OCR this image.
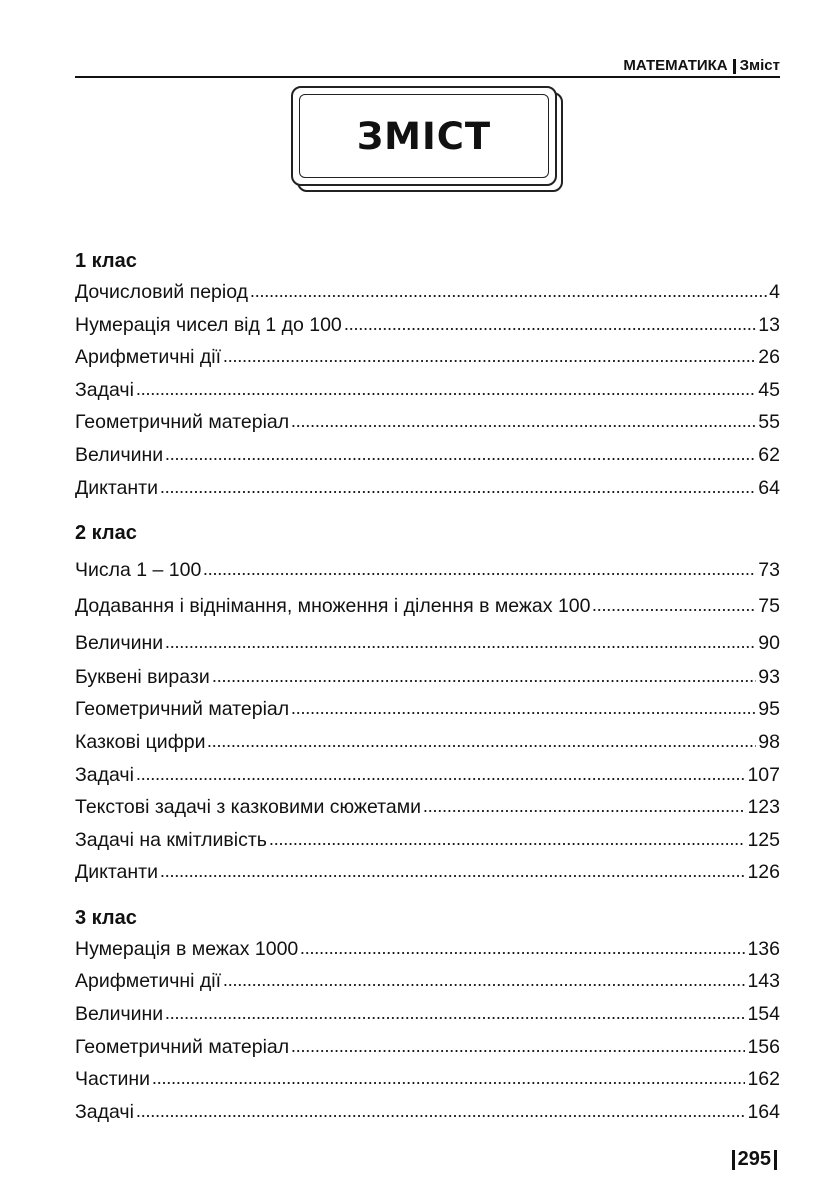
МАТЕМАТИКА Зміст
ЗМІСТ
1 клас
Дочисловий період	4
Нумерація чисел від 1 до 100	13
Арифметичні дії	26
Задачі	45
Геометричний матеріал	55
Величини	62
Диктанти	64
2 клас
Числа 1 – 100	73
Додавання і віднімання, множення і ділення в межах 100	75
Величини	90
Буквені вирази	93
Геометричний матеріал	95
Казкові цифри	98
Задачі	107
Текстові задачі з казковими сюжетами	123
Задачі на кмітливість	125
Диктанти	126
3 клас
Нумерація в межах 1000	136
Арифметичні дії	143
Величини	154
Геометричний матеріал	156
Частини	162
Задачі	164
295
